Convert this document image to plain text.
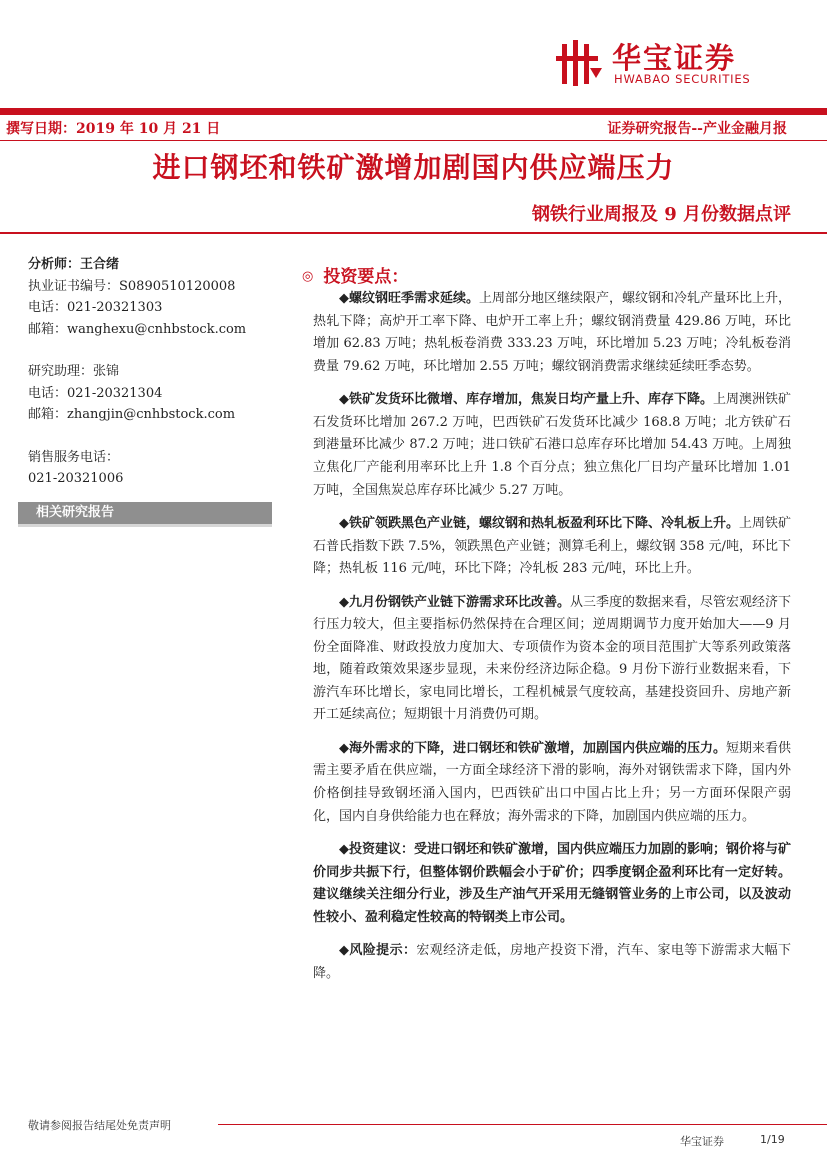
华宝证券
HWABAO SECURITIES
撰写日期：2019 年 10 月 21 日	证券研究报告--产业金融月报
进口钢坯和铁矿激增加剧国内供应端压力
钢铁行业周报及 9 月份数据点评
分析师：王合绪
执业证书编号：S0890510120008
电话：021-20321303
邮箱：wanghexu@cnhbstock.com
研究助理：张锦
电话：021-20321304
邮箱：zhangjin@cnhbstock.com
销售服务电话：
021-20321006
相关研究报告
◎ 投资要点：

◆螺纹钢旺季需求延续。上周部分地区继续限产，螺纹钢和冷轧产量环比上升，热轧下降；高炉开工率下降、电炉开工率上升；螺纹钢消费量 429.86 万吨，环比增加 62.83 万吨；热轧板卷消费 333.23 万吨，环比增加 5.23 万吨；冷轧板卷消费量 79.62 万吨，环比增加 2.55 万吨；螺纹钢消费需求继续延续旺季态势。

◆铁矿发货环比微增、库存增加，焦炭日均产量上升、库存下降。上周澳洲铁矿石发货环比增加 267.2 万吨，巴西铁矿石发货环比减少 168.8 万吨；北方铁矿石到港量环比减少 87.2 万吨；进口铁矿石港口总库存环比增加 54.43 万吨。上周独立焦化厂产能利用率环比上升 1.8 个百分点；独立焦化厂日均产量环比增加 1.01 万吨，全国焦炭总库存环比减少 5.27 万吨。

◆铁矿领跌黑色产业链，螺纹钢和热轧板盈利环比下降、冷轧板上升。上周铁矿石普氏指数下跌 7.5%，领跌黑色产业链；测算毛利上，螺纹钢 358 元/吨，环比下降；热轧板 116 元/吨，环比下降；冷轧板 283 元/吨，环比上升。

◆九月份钢铁产业链下游需求环比改善。从三季度的数据来看，尽管宏观经济下行压力较大，但主要指标仍然保持在合理区间；逆周期调节力度开始加大——9 月份全面降准、财政投放力度加大、专项债作为资本金的项目范围扩大等系列政策落地，随着政策效果逐步显现，未来份经济边际企稳。9 月份下游行业数据来看，下游汽车环比增长，家电同比增长，工程机械景气度较高，基建投资回升、房地产新开工延续高位；短期银十月消费仍可期。

◆海外需求的下降，进口钢坯和铁矿激增，加剧国内供应端的压力。短期来看供需主要矛盾在供应端，一方面全球经济下滑的影响，海外对钢铁需求下降，国内外价格倒挂导致钢坯涌入国内，巴西铁矿出口中国占比上升；另一方面环保限产弱化，国内自身供给能力也在释放；海外需求的下降，加剧国内供应端的压力。

◆投资建议：受进口钢坯和铁矿激增，国内供应端压力加剧的影响；钢价将与矿价同步共振下行，但整体钢价跌幅会小于矿价；四季度钢企盈利环比有一定好转。建议继续关注细分行业，涉及生产油气开采用无缝钢管业务的上市公司，以及波动性较小、盈利稳定性较高的特钢类上市公司。

◆风险提示：宏观经济走低，房地产投资下滑，汽车、家电等下游需求大幅下降。

敬请参阅报告结尾处免责声明
华宝证券	1/19
